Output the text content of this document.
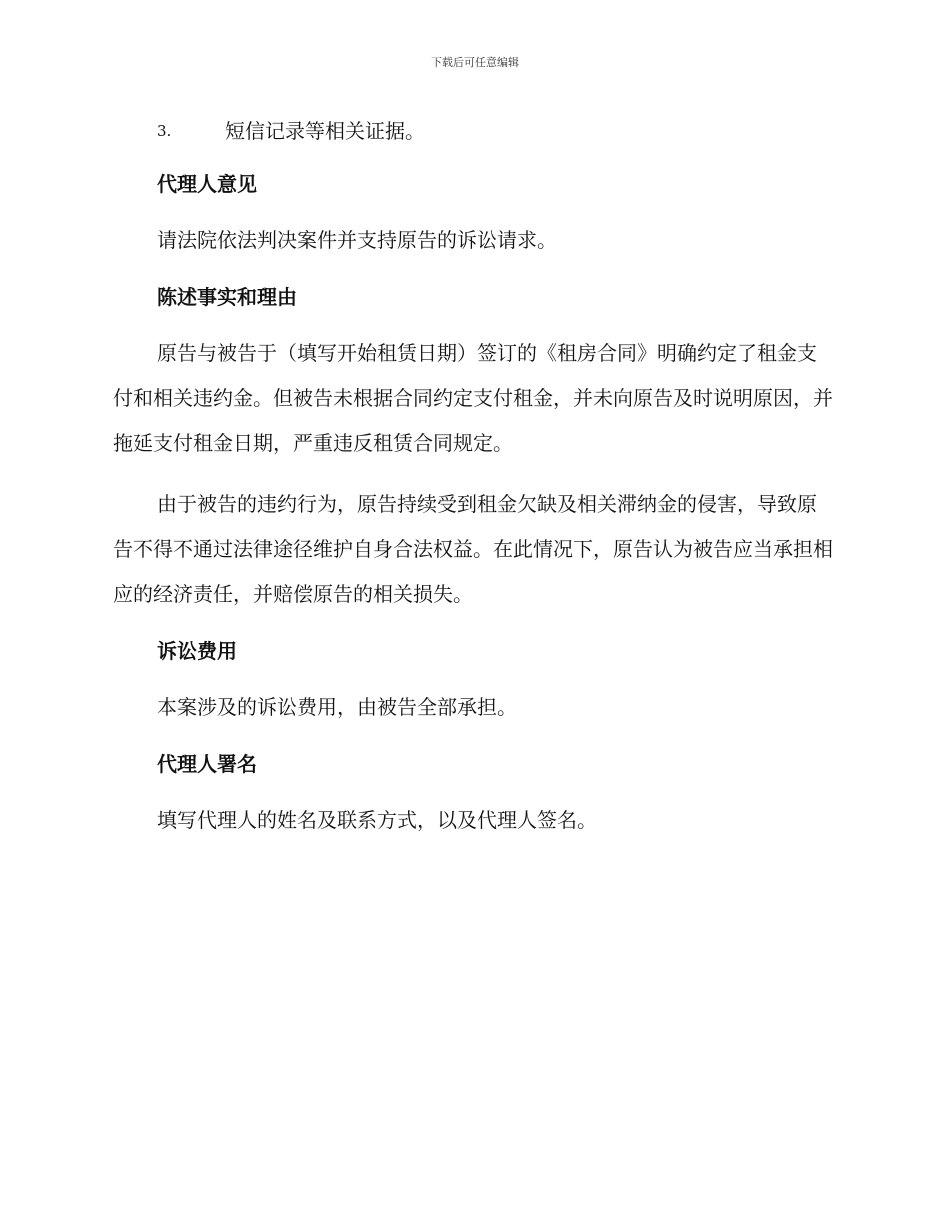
下载后可任意编辑
3.	短信记录等相关证据。
代理人意见
请法院依法判决案件并支持原告的诉讼请求。
陈述事实和理由
原告与被告于（填写开始租赁日期）签订的《租房合同》明确约定了租金支付和相关违约金。但被告未根据合同约定支付租金，并未向原告及时说明原因，并拖延支付租金日期，严重违反租赁合同规定。
由于被告的违约行为，原告持续受到租金欠缺及相关滞纳金的侵害，导致原告不得不通过法律途径维护自身合法权益。在此情况下，原告认为被告应当承担相应的经济责任，并赔偿原告的相关损失。
诉讼费用
本案涉及的诉讼费用，由被告全部承担。
代理人署名
填写代理人的姓名及联系方式，以及代理人签名。
